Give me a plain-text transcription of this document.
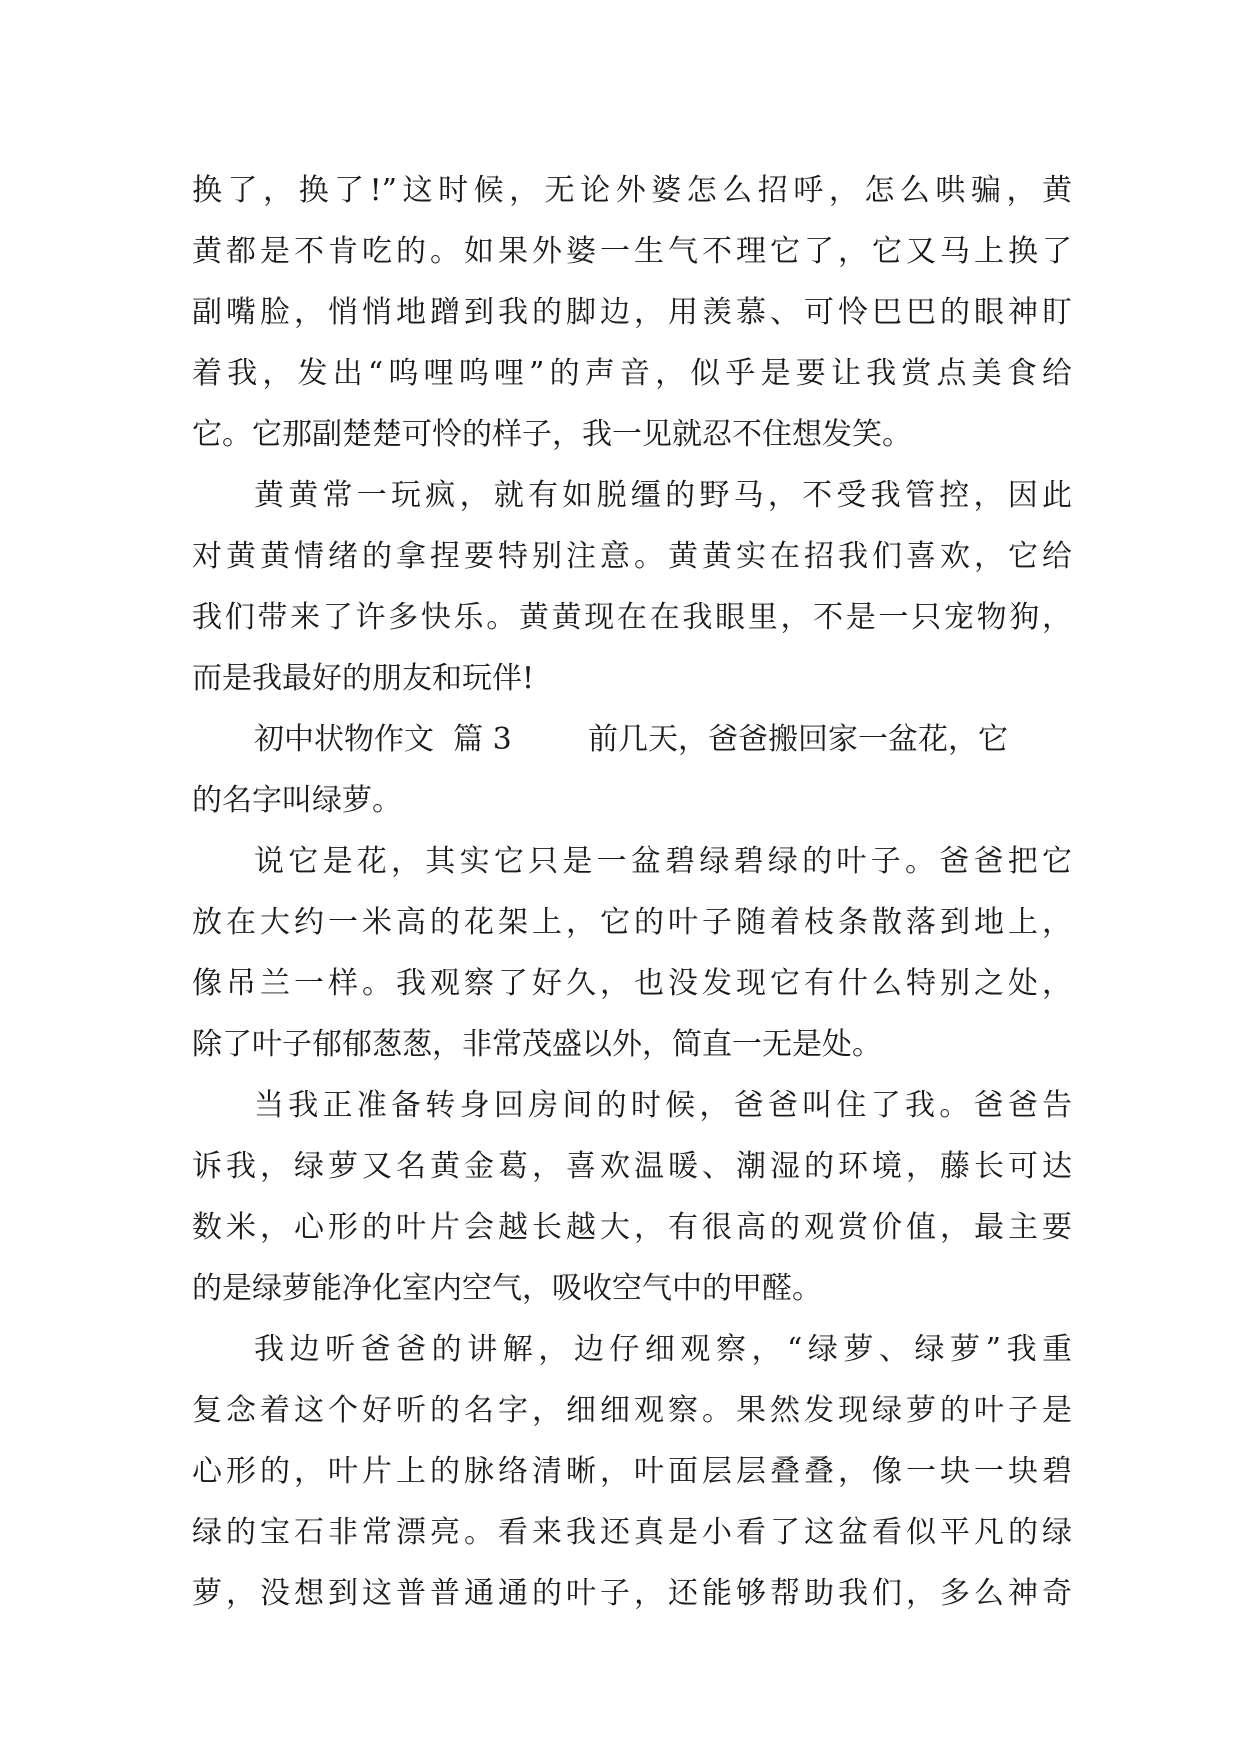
换了，换了!”这时候，无论外婆怎么招呼，怎么哄骗，黄
黄都是不肯吃的。如果外婆一生气不理它了，它又马上换了
副嘴脸，悄悄地蹭到我的脚边，用羡慕、可怜巴巴的眼神盯
着我，发出“呜哩呜哩”的声音，似乎是要让我赏点美食给
它。它那副楚楚可怜的样子，我一见就忍不住想发笑。
黄黄常一玩疯，就有如脱缰的野马，不受我管控，因此
对黄黄情绪的拿捏要特别注意。黄黄实在招我们喜欢，它给
我们带来了许多快乐。黄黄现在在我眼里，不是一只宠物狗，
而是我最好的朋友和玩伴!
初中状物作文  篇 3        前几天，爸爸搬回家一盆花，它
的名字叫绿萝。
说它是花，其实它只是一盆碧绿碧绿的叶子。爸爸把它
放在大约一米高的花架上，它的叶子随着枝条散落到地上，
像吊兰一样。我观察了好久，也没发现它有什么特别之处，
除了叶子郁郁葱葱，非常茂盛以外，简直一无是处。
当我正准备转身回房间的时候，爸爸叫住了我。爸爸告
诉我，绿萝又名黄金葛，喜欢温暖、潮湿的环境，藤长可达
数米，心形的叶片会越长越大，有很高的观赏价值，最主要
的是绿萝能净化室内空气，吸收空气中的甲醛。
我边听爸爸的讲解，边仔细观察，“绿萝、绿萝”我重
复念着这个好听的名字，细细观察。果然发现绿萝的叶子是
心形的，叶片上的脉络清晰，叶面层层叠叠，像一块一块碧
绿的宝石非常漂亮。看来我还真是小看了这盆看似平凡的绿
萝，没想到这普普通通的叶子，还能够帮助我们，多么神奇
